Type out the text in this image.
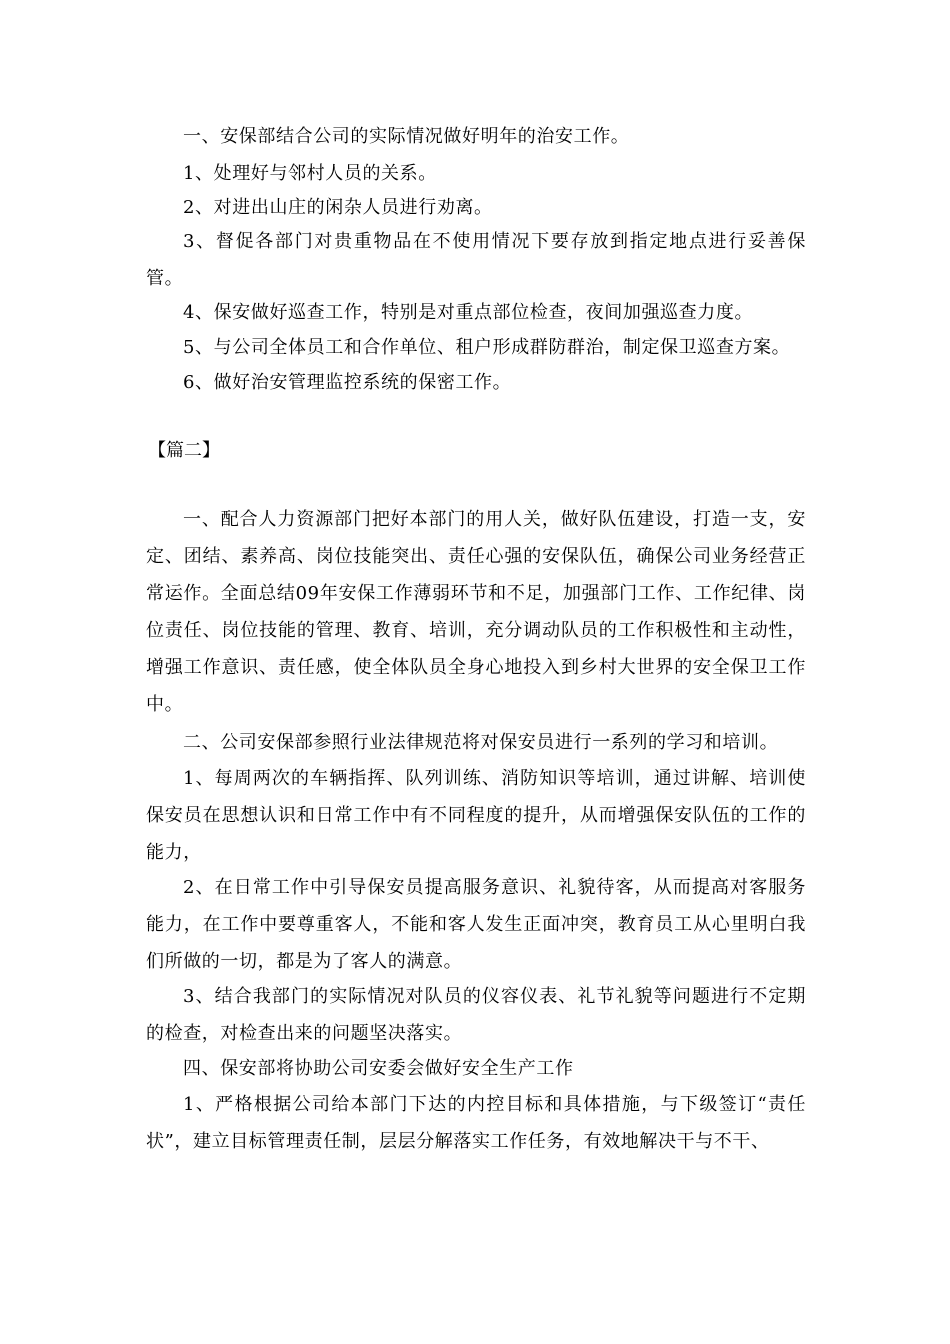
一、安保部结合公司的实际情况做好明年的治安工作。

1、处理好与邻村人员的关系。

2、对进出山庄的闲杂人员进行劝离。

3、督促各部门对贵重物品在不使用情况下要存放到指定地点进行妥善保管。

4、保安做好巡查工作，特别是对重点部位检查，夜间加强巡查力度。

5、与公司全体员工和合作单位、租户形成群防群治，制定保卫巡查方案。

6、做好治安管理监控系统的保密工作。

【篇二】

一、配合人力资源部门把好本部门的用人关，做好队伍建设，打造一支，安定、团结、素养高、岗位技能突出、责任心强的安保队伍，确保公司业务经营正常运作。全面总结09年安保工作薄弱环节和不足，加强部门工作、工作纪律、岗位责任、岗位技能的管理、教育、培训，充分调动队员的工作积极性和主动性，增强工作意识、责任感，使全体队员全身心地投入到乡村大世界的安全保卫工作中。

二、公司安保部参照行业法律规范将对保安员进行一系列的学习和培训。

1、每周两次的车辆指挥、队列训练、消防知识等培训，通过讲解、培训使保安员在思想认识和日常工作中有不同程度的提升，从而增强保安队伍的工作的能力，

2、在日常工作中引导保安员提高服务意识、礼貌待客，从而提高对客服务能力，在工作中要尊重客人，不能和客人发生正面冲突，教育员工从心里明白我们所做的一切，都是为了客人的满意。

3、结合我部门的实际情况对队员的仪容仪表、礼节礼貌等问题进行不定期的检查，对检查出来的问题坚决落实。

四、保安部将协助公司安委会做好安全生产工作

1、严格根据公司给本部门下达的内控目标和具体措施，与下级签订“责任状”，建立目标管理责任制，层层分解落实工作任务，有效地解决干与不干、
